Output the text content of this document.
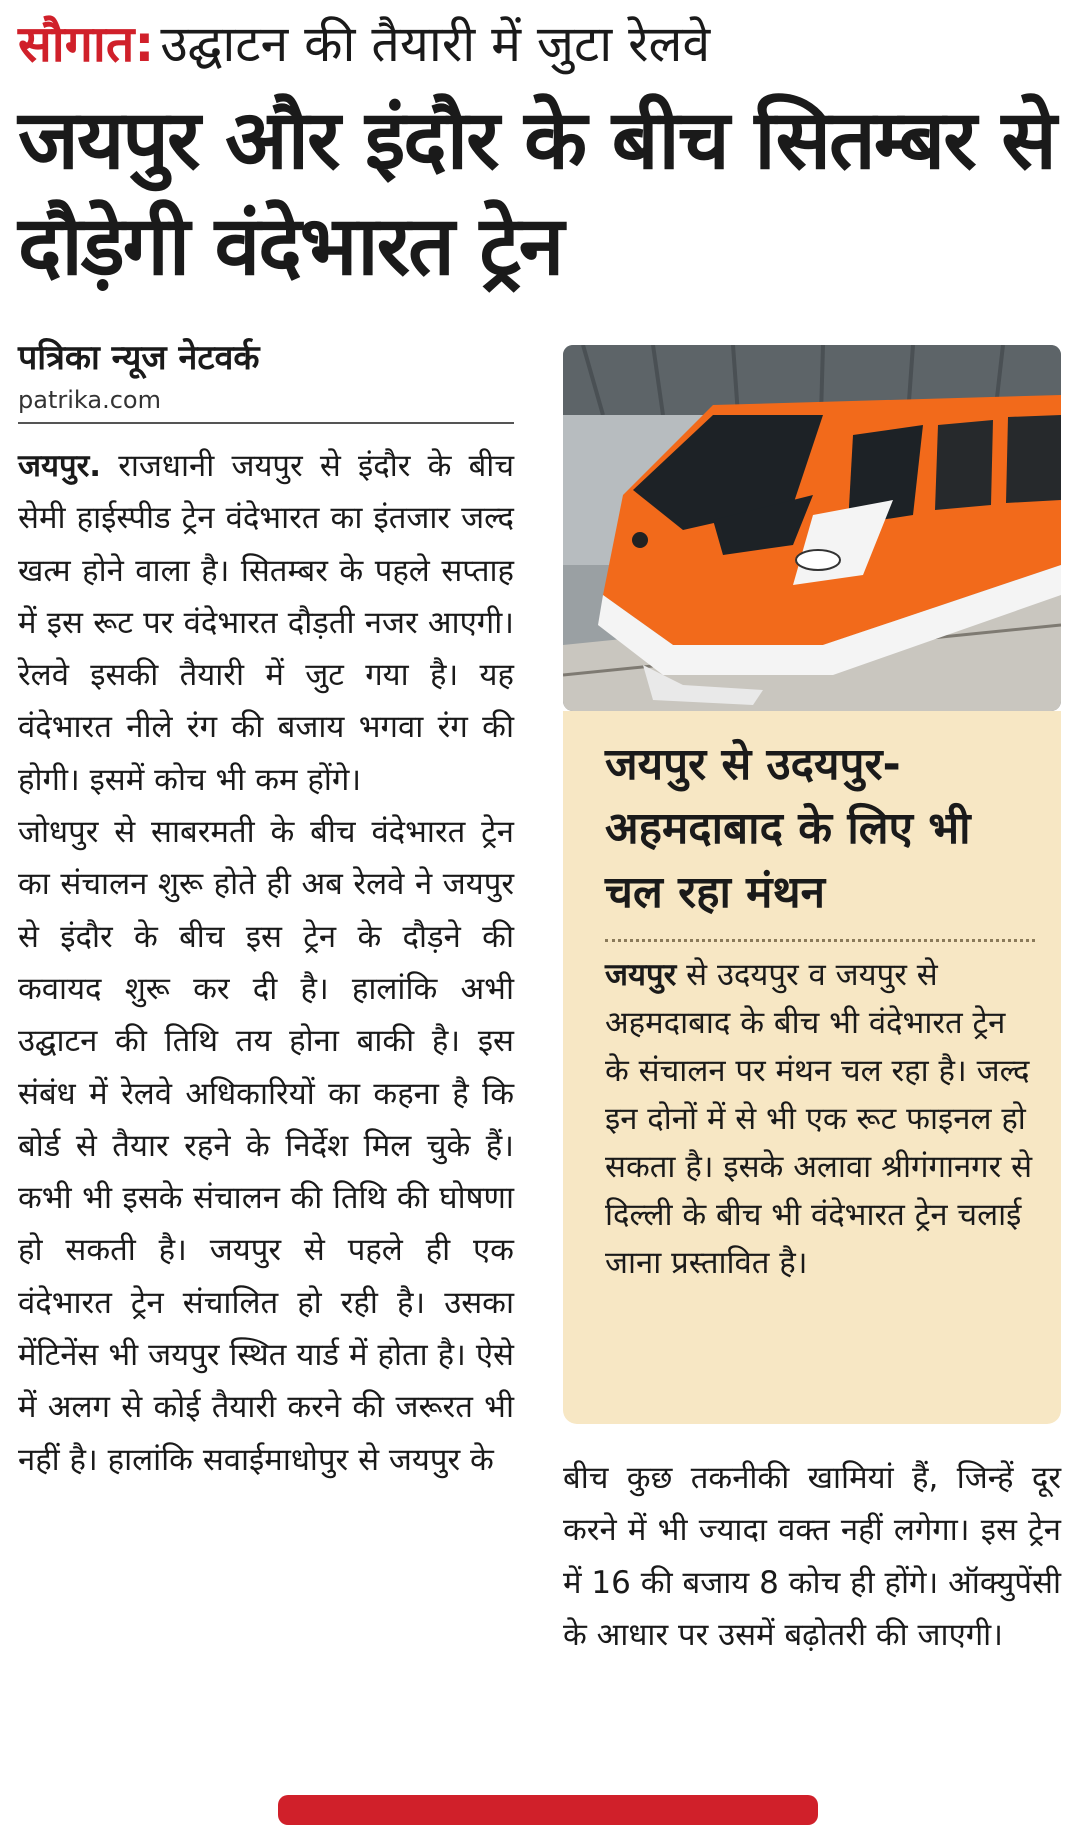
सौगात: उद्घाटन की तैयारी में जुटा रेलवे
जयपुर और इंदौर के बीच सितम्बर से दौड़ेगी वंदेभारत ट्रेन
पत्रिका न्यूज नेटवर्क
patrika.com

जयपुर. राजधानी जयपुर से इंदौर के बीच सेमी हाईस्पीड ट्रेन वंदेभारत का इंतजार जल्द खत्म होने वाला है। सितम्बर के पहले सप्ताह में इस रूट पर वंदेभारत दौड़ती नजर आएगी। रेलवे इसकी तैयारी में जुट गया है। यह वंदेभारत नीले रंग की बजाय भगवा रंग की होगी। इसमें कोच भी कम होंगे।

जोधपुर से साबरमती के बीच वंदेभारत ट्रेन का संचालन शुरू होते ही अब रेलवे ने जयपुर से इंदौर के बीच इस ट्रेन के दौड़ने की कवायद शुरू कर दी है। हालांकि अभी उद्घाटन की तिथि तय होना बाकी है। इस संबंध में रेलवे अधिकारियों का कहना है कि बोर्ड से तैयार रहने के निर्देश मिल चुके हैं। कभी भी इसके संचालन की तिथि की घोषणा हो सकती है। जयपुर से पहले ही एक वंदेभारत ट्रेन संचालित हो रही है। उसका मेंटिनेंस भी जयपुर स्थित यार्ड में होता है। ऐसे में अलग से कोई तैयारी करने की जरूरत भी नहीं है। हालांकि सवाईमाधोपुर से जयपुर के

जयपुर से उदयपुर-अहमदाबाद के लिए भी चल रहा मंथन
जयपुर से उदयपुर व जयपुर से अहमदाबाद के बीच भी वंदेभारत ट्रेन के संचालन पर मंथन चल रहा है। जल्द इन दोनों में से भी एक रूट फाइनल हो सकता है। इसके अलावा श्रीगंगानगर से दिल्ली के बीच भी वंदेभारत ट्रेन चलाई जाना प्रस्तावित है।
बीच कुछ तकनीकी खामियां हैं, जिन्हें दूर करने में भी ज्यादा वक्त नहीं लगेगा। इस ट्रेन में 16 की बजाय 8 कोच ही होंगे। ऑक्युपेंसी के आधार पर उसमें बढ़ोतरी की जाएगी।
